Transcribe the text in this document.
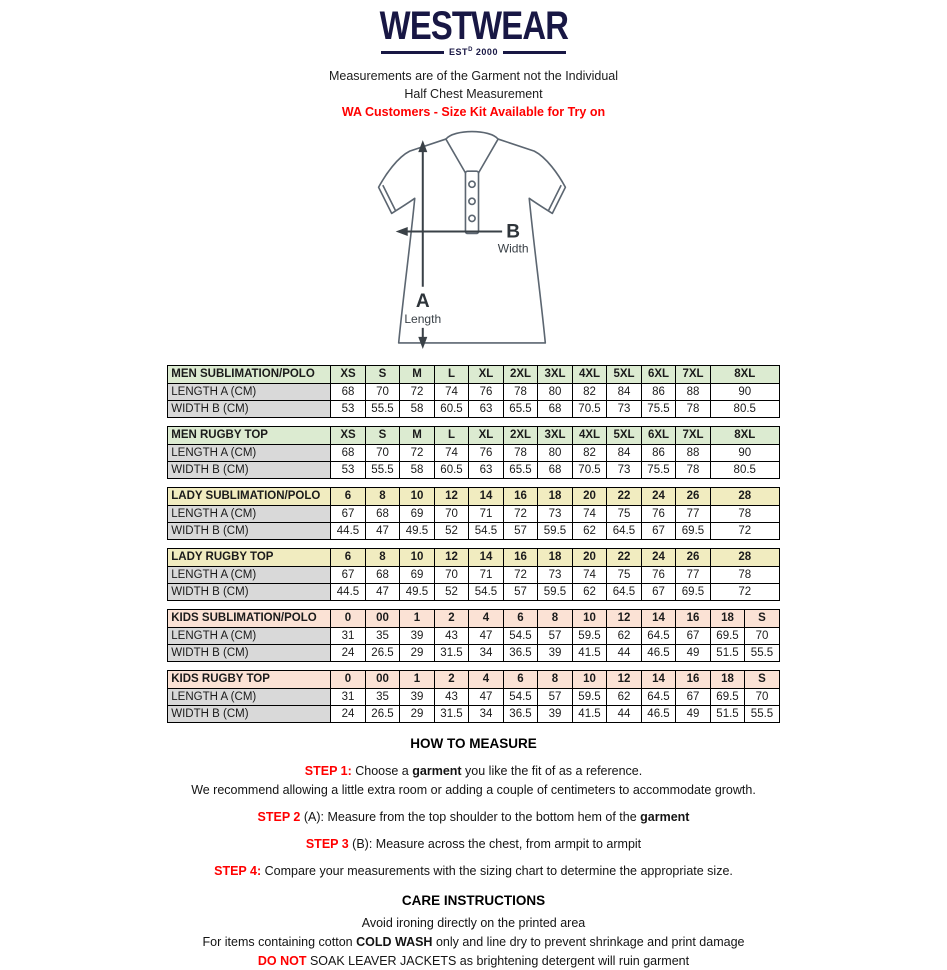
WESTWEAR
$EST^D$ 2000
Measurements are of the Garment not the Individual
Half Chest Measurement
WA Customers - Size Kit Available for Try on
A
Length
B
Width
MEN SUBLIMATION/POLO	XS	S	M	L	XL	2XL	3XL	4XL	5XL	6XL	7XL	8XL
LENGTH A (CM)	68	70	72	74	76	78	80	82	84	86	88	90
WIDTH B (CM)	53	55.5	58	60.5	63	65.5	68	70.5	73	75.5	78	80.5
MEN RUGBY TOP	XS	S	M	L	XL	2XL	3XL	4XL	5XL	6XL	7XL	8XL
LENGTH A (CM)	68	70	72	74	76	78	80	82	84	86	88	90
WIDTH B (CM)	53	55.5	58	60.5	63	65.5	68	70.5	73	75.5	78	80.5
LADY SUBLIMATION/POLO	6	8	10	12	14	16	18	20	22	24	26	28
LENGTH A (CM)	67	68	69	70	71	72	73	74	75	76	77	78
WIDTH B (CM)	44.5	47	49.5	52	54.5	57	59.5	62	64.5	67	69.5	72
LADY RUGBY TOP	6	8	10	12	14	16	18	20	22	24	26	28
LENGTH A (CM)	67	68	69	70	71	72	73	74	75	76	77	78
WIDTH B (CM)	44.5	47	49.5	52	54.5	57	59.5	62	64.5	67	69.5	72
KIDS SUBLIMATION/POLO	0	00	1	2	4	6	8	10	12	14	16	18	S
LENGTH A (CM)	31	35	39	43	47	54.5	57	59.5	62	64.5	67	69.5	70
WIDTH B (CM)	24	26.5	29	31.5	34	36.5	39	41.5	44	46.5	49	51.5	55.5
KIDS RUGBY TOP	0	00	1	2	4	6	8	10	12	14	16	18	S
LENGTH A (CM)	31	35	39	43	47	54.5	57	59.5	62	64.5	67	69.5	70
WIDTH B (CM)	24	26.5	29	31.5	34	36.5	39	41.5	44	46.5	49	51.5	55.5
HOW TO MEASURE
STEP 1: Choose a garment you like the fit of as a reference.
We recommend allowing a little extra room or adding a couple of centimeters to accommodate growth.
STEP 2 (A): Measure from the top shoulder to the bottom hem of the garment
STEP 3 (B): Measure across the chest, from armpit to armpit
STEP 4: Compare your measurements with the sizing chart to determine the appropriate size.
CARE INSTRUCTIONS
Avoid ironing directly on the printed area
For items containing cotton COLD WASH only and line dry to prevent shrinkage and print damage
DO NOT SOAK LEAVER JACKETS as brightening detergent will ruin garment
